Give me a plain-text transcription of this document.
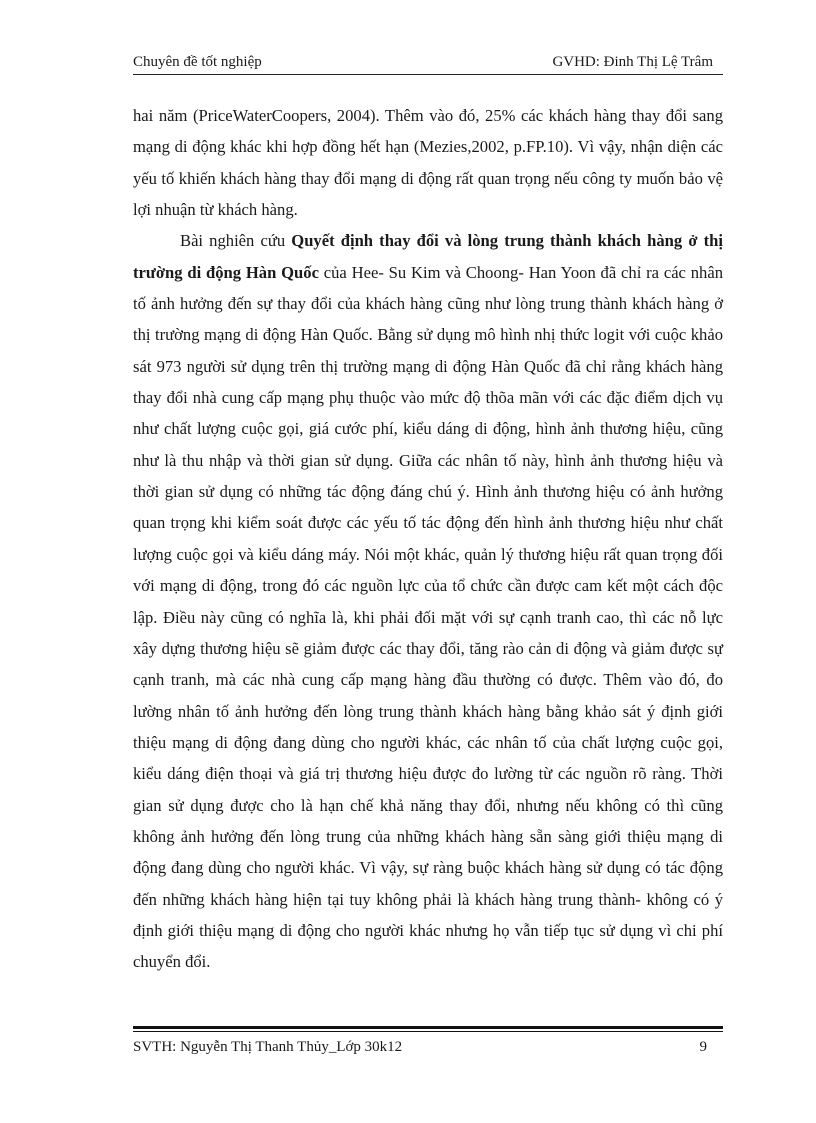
Chuyên đề tốt nghiệp	GVHD: Đinh Thị Lệ Trâm

hai năm (PriceWaterCoopers, 2004). Thêm vào đó, 25% các khách hàng thay đổi sang mạng di động khác khi hợp đồng hết hạn (Mezies,2002, p.FP.10). Vì vậy, nhận diện các yếu tố khiến khách hàng thay đổi mạng di động rất quan trọng nếu công ty muốn bảo vệ lợi nhuận từ khách hàng.

Bài nghiên cứu Quyết định thay đổi và lòng trung thành khách hàng ở thị trường di động Hàn Quốc của Hee- Su Kim và Choong- Han Yoon đã chỉ ra các nhân tố ảnh hưởng đến sự thay đổi của khách hàng cũng như lòng trung thành khách hàng ở thị trường mạng di động Hàn Quốc. Bằng sử dụng mô hình nhị thức logit với cuộc khảo sát 973 người sử dụng trên thị trường mạng di động Hàn Quốc đã chỉ rằng khách hàng thay đổi nhà cung cấp mạng phụ thuộc vào mức độ thõa mãn với các đặc điểm dịch vụ như chất lượng cuộc gọi, giá cước phí, kiểu dáng di động, hình ảnh thương hiệu, cũng như là thu nhập và thời gian sử dụng. Giữa các nhân tố này, hình ảnh thương hiệu và thời gian sử dụng có những tác động đáng chú ý. Hình ảnh thương hiệu có ảnh hưởng quan trọng khi kiểm soát được các yếu tố tác động đến hình ảnh thương hiệu như chất lượng cuộc gọi và kiểu dáng máy. Nói một khác, quản lý thương hiệu rất quan trọng đối với mạng di động, trong đó các nguồn lực của tổ chức cần được cam kết một cách độc lập. Điều này cũng có nghĩa là, khi phải đối mặt với sự cạnh tranh cao, thì các nỗ lực xây dựng thương hiệu sẽ giảm được các thay đổi, tăng rào cản di động và giảm được sự cạnh tranh, mà các nhà cung cấp mạng hàng đầu thường có được. Thêm vào đó, đo lường nhân tố ảnh hưởng đến lòng trung thành khách hàng bằng khảo sát ý định giới thiệu mạng di động đang dùng cho người khác, các nhân tố của chất lượng cuộc gọi, kiểu dáng điện thoại và giá trị thương hiệu được đo lường từ các nguồn rõ ràng. Thời gian sử dụng được cho là hạn chế khả năng thay đổi, nhưng nếu không có thì cũng không ảnh hưởng đến lòng trung của những khách hàng sẵn sàng giới thiệu mạng di động đang dùng cho người khác. Vì vậy, sự ràng buộc khách hàng sử dụng có tác động đến những khách hàng hiện tại tuy không phải là khách hàng trung thành- không có ý định giới thiệu mạng di động cho người khác nhưng họ vẫn tiếp tục sử dụng vì chi phí chuyển đổi.

SVTH: Nguyễn Thị Thanh Thủy_Lớp 30k12	9
